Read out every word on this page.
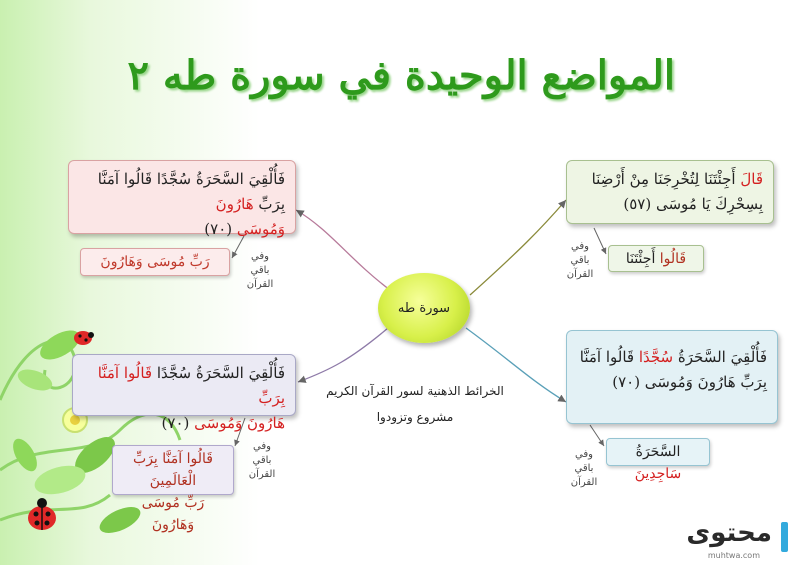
المواضع الوحيدة في سورة طه ٢
فَأُلْقِيَ السَّحَرَةُ سُجَّدًا قَالُوا آمَنَّا بِرَبِّ هَارُونَ
وَمُوسَى (٧٠)
رَبِّ مُوسَى وَهَارُونَ	وفي باقي
القرآن
قَالَ أَجِئْتَنَا لِتُخْرِجَنَا مِنْ أَرْضِنَا
بِسِحْرِكَ يَا مُوسَى (٥٧)
قَالُوا أَجِئْتَنَا
وفي باقي
القرآن
سورة طه
الخرائط الذهنية لسور القرآن الكريم
مشروع وتزودوا
فَأُلْقِيَ السَّحَرَةُ سُجَّدًا قَالُوا آمَنَّا بِرَبِّ
هَارُونَ وَمُوسَى (٧٠)
قَالُوا آمَنَّا بِرَبِّ الْعَالَمِينَ
رَبِّ مُوسَى وَهَارُونَ
وفي باقي
القرآن
فَأُلْقِيَ السَّحَرَةُ سُجَّدًا قَالُوا آمَنَّا
بِرَبِّ هَارُونَ وَمُوسَى (٧٠)
السَّحَرَةُ سَاجِدِينَ
وفي باقي
القرآن
محتوى
muhtwa.com
